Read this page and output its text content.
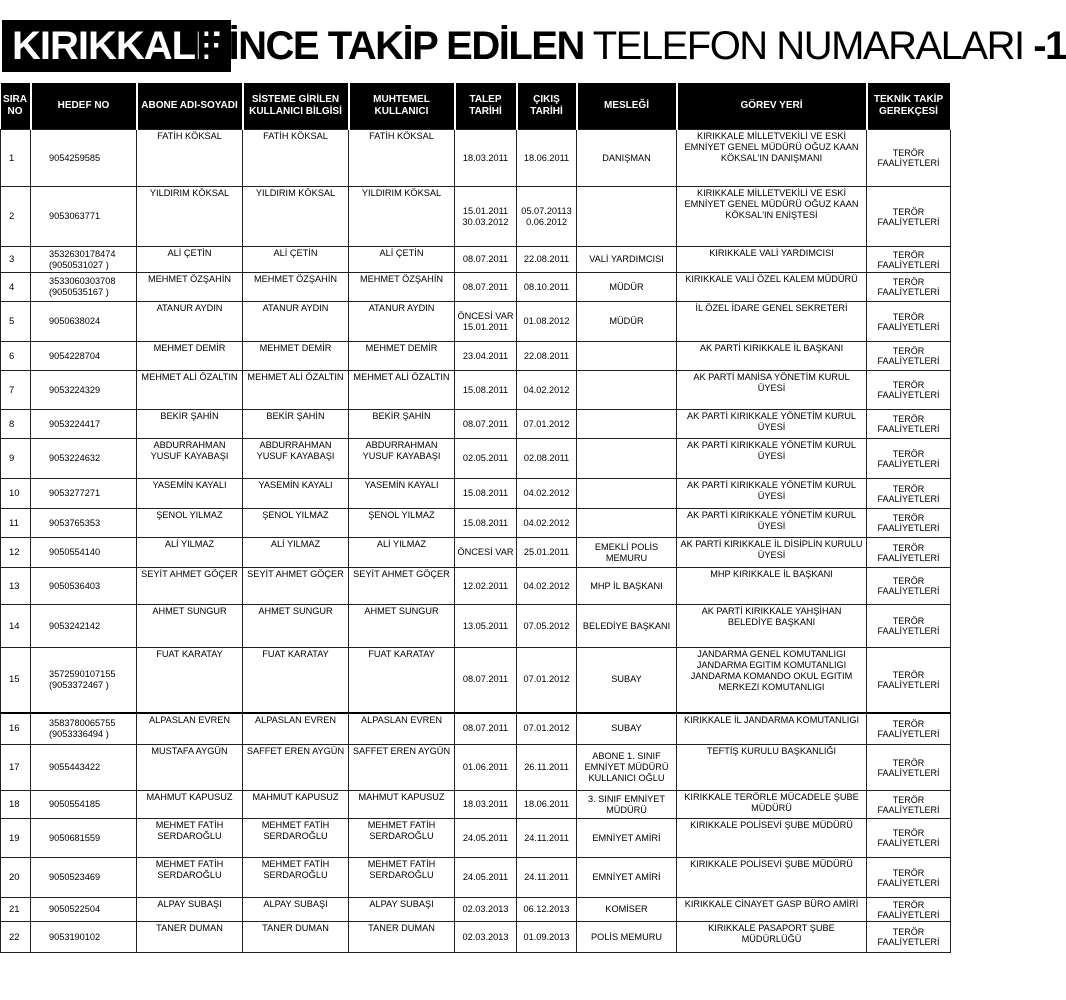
KIRIKKALE
İLİNCE TAKİP EDİLEN TELEFON NUMARALARI -1
SIRA NO	HEDEF NO	ABONE ADI-SOYADI	SİSTEME GİRİLEN KULLANICI BİLGİSİ	MUHTEMEL KULLANICI	TALEP TARİHİ	ÇIKIŞ TARİHİ	MESLEĞİ	GÖREV YERİ	TEKNİK TAKİP GEREKÇESİ
1	9054259585	FATİH KÖKSAL	FATİH KÖKSAL	FATİH KÖKSAL	18.03.2011	18.06.2011	DANIŞMAN	KIRIKKALE MİLLETVEKİLİ VE ESKİ EMNİYET GENEL MÜDÜRÜ OĞUZ KAAN KÖKSAL'IN DANIŞMANI	TERÖR FAALİYETLERİ
2	9053063771	YILDIRIM KÖKSAL	YILDIRIM KÖKSAL	YILDIRIM KÖKSAL	15.01.2011 30.03.2012	05.07.20113 0.06.2012		KIRIKKALE MİLLETVEKİLİ VE ESKİ EMNİYET GENEL MÜDÜRÜ OĞUZ KAAN KÖKSAL'IN ENİŞTESİ	TERÖR FAALİYETLERİ
3	3532630178474 (9050531027 )	ALİ ÇETİN	ALİ ÇETİN	ALİ ÇETİN	08.07.2011	22.08.2011	VALİ YARDIMCISI	KIRIKKALE VALİ YARDIMCISI	TERÖR FAALİYETLERİ
4	3533060303708 (9050535167 )	MEHMET ÖZŞAHİN	MEHMET ÖZŞAHİN	MEHMET ÖZŞAHİN	08.07.2011	08.10.2011	MÜDÜR	KIRIKKALE VALİ ÖZEL KALEM MÜDÜRÜ	TERÖR FAALİYETLERİ
5	9050638024	ATANUR AYDIN	ATANUR AYDIN	ATANUR AYDIN	ÖNCESİ VAR 15.01.2011	01.08.2012	MÜDÜR	İL ÖZEL İDARE GENEL SEKRETERİ	TERÖR FAALİYETLERİ
6	9054228704	MEHMET DEMİR	MEHMET DEMİR	MEHMET DEMİR	23.04.2011	22.08.2011		AK PARTİ KIRIKKALE İL BAŞKANI	TERÖR FAALİYETLERİ
7	9053224329	MEHMET ALİ ÖZALTIN	MEHMET ALİ ÖZALTIN	MEHMET ALİ ÖZALTIN	15.08.2011	04.02.2012		AK PARTİ MANİSA YÖNETİM KURUL ÜYESİ	TERÖR FAALİYETLERİ
8	9053224417	BEKİR ŞAHİN	BEKİR ŞAHİN	BEKİR ŞAHİN	08.07.2011	07.01.2012		AK PARTİ KIRIKKALE YÖNETİM KURUL ÜYESİ	TERÖR FAALİYETLERİ
9	9053224632	ABDURRAHMAN YUSUF KAYABAŞI	ABDURRAHMAN YUSUF KAYABAŞI	ABDURRAHMAN YUSUF KAYABAŞI	02.05.2011	02.08.2011		AK PARTİ KIRIKKALE YÖNETİM KURUL ÜYESİ	TERÖR FAALİYETLERİ
10	9053277271	YASEMİN KAYALI	YASEMİN KAYALI	YASEMİN KAYALI	15.08.2011	04.02.2012		AK PARTİ KIRIKKALE YÖNETİM KURUL ÜYESİ	TERÖR FAALİYETLERİ
11	9053765353	ŞENOL YILMAZ	ŞENOL YILMAZ	ŞENOL YILMAZ	15.08.2011	04.02.2012		AK PARTİ KIRIKKALE YÖNETİM KURUL ÜYESİ	TERÖR FAALİYETLERİ
12	9050554140	ALİ YILMAZ	ALİ YILMAZ	ALİ YILMAZ	ÖNCESİ VAR	25.01.2011	EMEKLİ POLİS MEMURU	AK PARTİ KIRIKKALE İL DİSİPLİN KURULU ÜYESİ	TERÖR FAALİYETLERİ
13	9050536403	SEYİT AHMET GÖÇER	SEYİT AHMET GÖÇER	SEYİT AHMET GÖÇER	12.02.2011	04.02.2012	MHP İL BAŞKANI	MHP KIRIKKALE İL BAŞKANI	TERÖR FAALİYETLERİ
14	9053242142	AHMET SUNGUR	AHMET SUNGUR	AHMET SUNGUR	13.05.2011	07.05.2012	BELEDİYE BAŞKANI	AK PARTİ KIRIKKALE YAHŞİHAN BELEDİYE BAŞKANI	TERÖR FAALİYETLERİ
15	3572590107155 (9053372467 )	FUAT KARATAY	FUAT KARATAY	FUAT KARATAY	08.07.2011	07.01.2012	SUBAY	JANDARMA GENEL KOMUTANLIGI JANDARMA EGITIM KOMUTANLIGI JANDARMA KOMANDO OKUL EGITIM MERKEZI KOMUTANLIGI	TERÖR FAALİYETLERİ
16	3583780065755 (9053336494 )	ALPASLAN EVREN	ALPASLAN EVREN	ALPASLAN EVREN	08.07.2011	07.01.2012	SUBAY	KIRIKKALE İL JANDARMA KOMUTANLIGI	TERÖR FAALİYETLERİ
17	9055443422	MUSTAFA AYGÜN	SAFFET EREN AYGÜN	SAFFET EREN AYGÜN	01.06.2011	26.11.2011	ABONE 1. SINIF EMNİYET MÜDÜRÜ KULLANICI OĞLU	TEFTİŞ KURULU BAŞKANLIĞI	TERÖR FAALİYETLERİ
18	9050554185	MAHMUT KAPUSUZ	MAHMUT KAPUSUZ	MAHMUT KAPUSUZ	18.03.2011	18.06.2011	3. SINIF EMNİYET MÜDÜRÜ	KIRIKKALE TERÖRLE MÜCADELE ŞUBE MÜDÜRÜ	TERÖR FAALİYETLERİ
19	9050681559	MEHMET FATİH SERDAROĞLU	MEHMET FATİH SERDAROĞLU	MEHMET FATİH SERDAROĞLU	24.05.2011	24.11.2011	EMNİYET AMİRİ	KIRIKKALE POLİSEVİ ŞUBE MÜDÜRÜ	TERÖR FAALİYETLERİ
20	9050523469	MEHMET FATİH SERDAROĞLU	MEHMET FATİH SERDAROĞLU	MEHMET FATİH SERDAROĞLU	24.05.2011	24.11.2011	EMNİYET AMİRİ	KIRIKKALE POLİSEVİ ŞUBE MÜDÜRÜ	TERÖR FAALİYETLERİ
21	9050522504	ALPAY SUBAŞI	ALPAY SUBAŞI	ALPAY SUBAŞI	02.03.2013	06.12.2013	KOMİSER	KIRIKKALE CİNAYET GASP BÜRO AMİRİ	TERÖR FAALİYETLERİ
22	9053190102	TANER DUMAN	TANER DUMAN	TANER DUMAN	02.03.2013	01.09.2013	POLİS MEMURU	KIRIKKALE PASAPORT ŞUBE MÜDÜRLÜĞÜ	TERÖR FAALİYETLERİ
